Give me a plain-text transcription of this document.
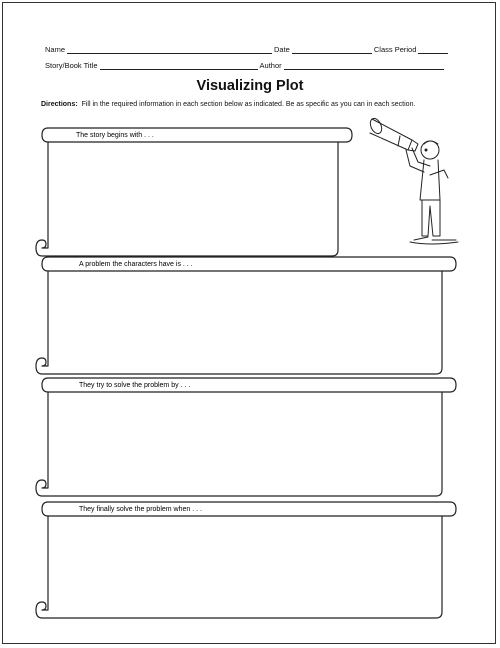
Name	Date	Class Period
Story/Book Title	Author
Visualizing Plot
Directions: Fill in the required information in each section below as indicated. Be as specific as you can in each section.
The story begins with . . .
A problem the characters have is . . .
They try to solve the problem by . . .
They finally solve the problem when . . .
